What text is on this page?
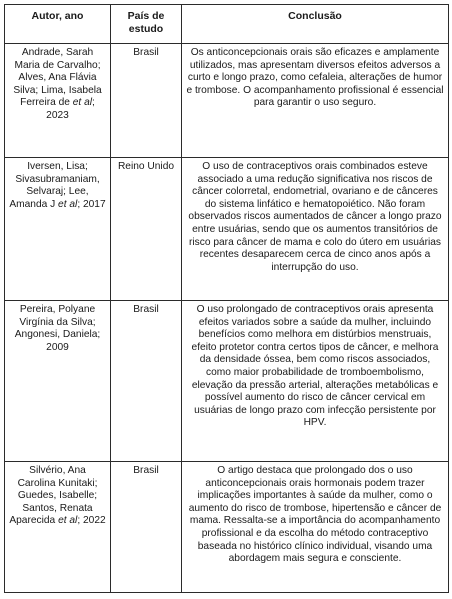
Autor, ano	País de estudo	Conclusão
Andrade, Sarah Maria de Carvalho; Alves, Ana Flávia Silva; Lima, Isabela Ferreira de et al; 2023	Brasil	Os anticoncepcionais orais são eficazes e amplamente utilizados, mas apresentam diversos efeitos adversos a curto e longo prazo, como cefaleia, alterações de humor e trombose. O acompanhamento profissional é essencial para garantir o uso seguro.
Iversen, Lisa; Sivasubramaniam, Selvaraj; Lee, Amanda J et al; 2017	Reino Unido	O uso de contraceptivos orais combinados esteve associado a uma redução significativa nos riscos de câncer colorretal, endometrial, ovariano e de cânceres do sistema linfático e hematopoiético. Não foram observados riscos aumentados de câncer a longo prazo entre usuárias, sendo que os aumentos transitórios de risco para câncer de mama e colo do útero em usuárias recentes desaparecem cerca de cinco anos após a interrupção do uso.
Pereira, Polyane Virgínia da Silva; Angonesi, Daniela; 2009	Brasil	O uso prolongado de contraceptivos orais apresenta efeitos variados sobre a saúde da mulher, incluindo benefícios como melhora em distúrbios menstruais, efeito protetor contra certos tipos de câncer, e melhora da densidade óssea, bem como riscos associados, como maior probabilidade de tromboembolismo, elevação da pressão arterial, alterações metabólicas e possível aumento do risco de câncer cervical em usuárias de longo prazo com infecção persistente por HPV.
Silvério, Ana Carolina Kunitaki; Guedes, Isabelle; Santos, Renata Aparecida et al; 2022	Brasil	O artigo destaca que prolongado dos o uso anticoncepcionais orais hormonais podem trazer implicações importantes à saúde da mulher, como o aumento do risco de trombose, hipertensão e câncer de mama. Ressalta-se a importância do acompanhamento profissional e da escolha do método contraceptivo baseada no histórico clínico individual, visando uma abordagem mais segura e consciente.
